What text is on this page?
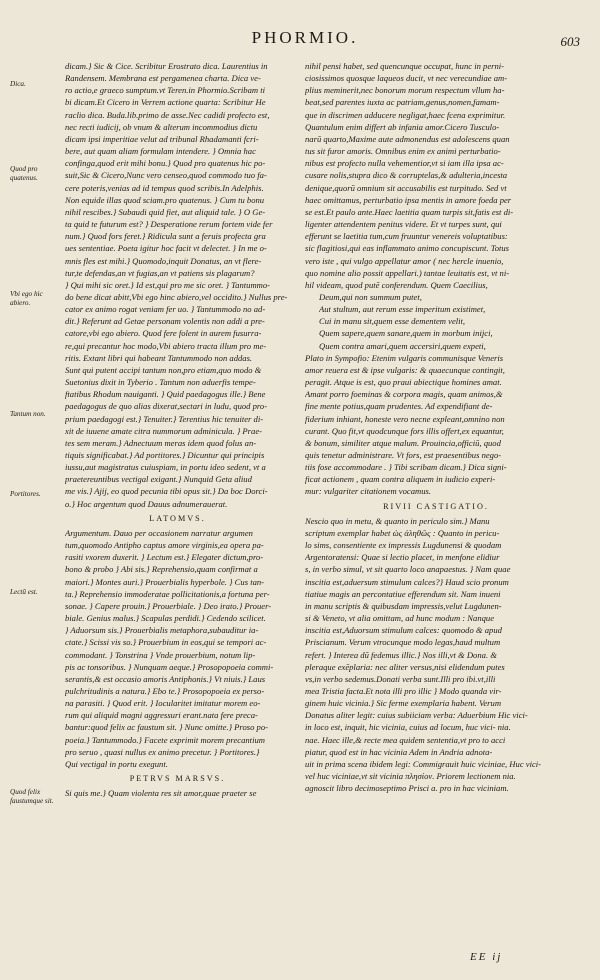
PHORMIO.	603
Dica.
Quod pro quatenus.
Vbi ego hic abiero.
Tantum non.
Portitores.
Lectū est.
Quod felix faustumque sit.
dicam.} Sic & Cice. Scribitur Erostrato dica. Laurentius in
Randensem. Membrana est pergamenea charta. Dica ve-
ro actio,e graeco sumptum.vt Teren.in Phormio.Scribam ti
bi dicam.Et Cicero in Verrem actione quarta: Scribitur He
raclio dica. Buda.lib.primo de asse.Nec cadidi profecto est,
nec recti iudicij, ob vnum & alterum incommodius dictu
dicam ipsi imperitiae velut ad tribunal Rhadamanti fcri-
bere, aut quam aliam formulam intendere. } Omnia hac
confinga,quod erit mihi bonu.} Quod pro quatenus hic po-
suit,Sic & Cicero,Nunc vero censeo,quod commodo tuo fa-
cere poteris,venias ad id tempus quod scribis.In Adelphis.
Non equide illas quod sciam.pro quatenus. } Cum tu bonu
nihil rescibes.} Subaudi quid fiet, aut aliquid tale. } O Ge-
ta quid te futurum est? } Desperatione rerum fortem vide fer
num.} Quod fors feret.} Ridicula sunt a feruis profecta gra
ues sententiae. Poeta igitur hoc facit vt delectet. } In me o-
mnis fles est mihi.} Quomodo,inquit Donatus, an vt flere-
tur,te defendas,an vt fugias,an vt patiens sis plagarum?
} Qui mihi sic oret.} Id est,qui pro me sic oret. } Tantummo-
do bene dicat abitt,Vbi ego hinc abiero,vel occidito.} Nullus pre-
cator ex animo rogat veniam fer uo. } Tantummodo no ad-
dit.} Referunt ad Getae personam volentis non addi a pre-
catore,vbi ego abiero. Quod fere folent in aurem fusurra-
re,qui precantur hoc modo,Vbi abiero tracta illum pro me-
ritis. Extant libri qui habeant Tantummodo non addas.
Sunt qui putent accipi tantum non,pro etiam,quo modo &
Suetonius dixit in Tyberio . Tantum non aduerfis tempe-
ftatibus Rhodum nauiganti. } Quid paedagogus ille.} Bene
paedagogus de quo alias dixerat,sectari in ludu, quod pro-
prium paedagogi est.} Tenuiter.} Terentius hic tenuiter di-
xit de iuuene amate citra nummorum adminicula. } Prae-
tes sem meram.} Adnectuum meras idem quod folus an-
tiquis significabat.} Ad portitores.} Dicuntur qui principis
iussu,aut magistratus cuiuspiam, in portu ideo sedent, vt a
praetereuntibus vectigal exigant.} Nunquid Geta aliud
me vis.} Ajij, eo quod pecunia tibi opus sit.} Da boc Dorci-
o.} Hoc argentum quod Dauus adnumerauerat.
LATOMVS.
Argumentum. Dauo per occasionem narratur argumen
tum,quomodo Antipho captus amore virginis,ea opera pa-
rasiti vxorem duxerit. } Lectum est.} Elegater dictum,pro-
bono & probo } Abi sis.} Reprehensio,quam confirmat a
maiori.} Montes auri.} Prouerbialis hyperbole. } Cus tan-
ta.} Reprehensio immoderatae pollicitationis,a fortuna per-
sonae. } Capere prouin.} Prouerbiale. } Deo irato.} Prouer-
biale. Genius malus.} Scapulas perdidi.} Cedendo scilicet.
} Aduorsum sis.} Prouerbialis metaphora,subauditur ia-
ctate.} Scissi vis so.} Prouerbium in eos,qui se tempori ac-
commodant. } Tonstrina } Vnde prouerbium, notum lip-
pis ac tonsoribus. } Nunquam aeque.} Prosopopoeia commi-
serantis,& est occasio amoris Antiphonis.} Vt niuis.} Laus
pulchritudinis a natura.} Ebo te.} Prosopopoeia ex perso-
na parasiti. } Quod erit. } Iocularitet imitatur morem eo-
rum qui aliquid magni aggressuri erant.nata fere preca-
bantur:quod felix ac faustum sit. } Nunc omitte.} Proso po-
poeia.} Tantummodo.} Facete exprimit morem precantium
pro seruo , quasi nullus ex animo precetur. } Portitores.}
Qui vectigal in portu exegunt.
PETRVS MARSVS.
Si quis me.} Quam violenta res sit amor,quae praeter se
nihil pensi habet, sed quencunque occupat, hunc in perni-
ciosissimos quosque laqueos ducit, vt nec verecundiae am-
plius meminerit,nec bonorum morum respectum vllum ha-
beat,sed parentes iuxta ac patriam,genus,nomen,famam-
que in discrimen adducere negligat,haec fcena exprimitur.
Quantulum enim differt ab infania amor.Cicero Tusculo-
narū quarto,Maxime aute admonendus est adolescens quan
tus sit furor amoris. Omnibus enim ex animi perturbatio-
nibus est profecto nulla vehementior,vt si iam illa ipsa ac-
cusare nolis,stupra dico & corruptelas,& adulteria,incesta
denique,quorū omnium sit accusabilis est turpitudo. Sed vt
haec omittamus, perturbatio ipsa mentis in amore foeda per
se est.Et paulo ante.Haec laetitia quam turpis sit,fatis est di-
ligenter attendentem penitus videre. Et vt turpes sunt, qui
efferunt se laetitia tum,cum fruuntur venereis voluptatibus:
sic flagitiosi,qui eas inflammato animo concupiscunt. Totus
vero iste , qui vulgo appellatur amor ( nec hercle inuenio,
quo nomine alio possit appellari.) tantae leuitatis est, vt ni-
hil videam, quod putē conferendum. Quem Caecilius,
Deum,qui non summum putet,
Aut stultum, aut rerum esse imperitum existimet,
Cui in manu sit,quem esse dementem velit,
Quem sapere,quem sanare,quem in morbum inijci,
Quem contra amari,quem accersiri,quem expeti,
Plato in Sympofio: Etenim vulgaris communisque Veneris
amor reuera est & ipse vulgaris: & quaecunque contingit,
peragit. Atque is est, quo praui abiectique homines amat.
Amant porro foeminas & corpora magis, quam animos,&
fine mente potius,quam prudentes. Ad expendifiant de-
fiderium inhiant, honeste vero necne expleant,omnino non
curant. Quo fit,vt quodcunque fors illis offert,ex equantur,
& bonum, similiter atque malum. Prouincia,officiū, quod
quis tenetur administrare. Vt fors, est praesentibus nego-
tiis fose accommodare . } Tibi scribam dicam.} Dica signi-
ficat actionem , quam contra aliquem in iudicio experi-
mur: vulgariter citationem vocamus.
RIVII CASTIGATIO.
Nescio quo in metu, & quanto in periculo sim.} Manu
scriptum exemplar habet ὡς ἀληθῶς : Quanto in pericu-
lo sims, consentiente ex impressis Lugdunensi & quodam
Argentoratensi: Quae si lectio placet, in menfone elidiur
s, in verbo simul, vt sit quarto loco anapaestus. } Nam quae
inscitia est,aduersum stimulum calces?} Haud scio pronum
tiatiue magis an percontatiue efferendum sit. Nam inueni
in manu scriptis & quibusdam impressis,velut Lugdunen-
si & Veneto, vt alia omittam, ad hunc modum : Nanque
inscitia est,Aduorsum stimulum calces: quomodo & apud
Priscianum. Verum vtrocunque modo legas,haud multum
refert. } Interea dū fedemus illic.} Nos illi,vt & Dona. &
pleraque exēplaria: nec aliter versus,nisi elidendum putes
vs,in verbo sedemus.Donati verba sunt.Illi pro ibi.vt,illi
mea Tristia facta.Et nota illi pro illic } Modo quanda vir-
ginem huic vicinia.} Sic ferme exemplaria habent. Verum
Donatus aliter legit: cuius subiiciam verba: Aduerbium Hic vici-
in loco est, inquit, hic vicinia, cuius ad locum, huc vici- nia.
nae. Haec ille,& recte mea quidem sententia,vt pro to acci
piatur, quod est in hac vicinia Adem in Andria adnota-
uit in prima scena ibidem legi: Commigrauit huic viciniae, Huc vici-
vel huc viciniae,vt sit vicinia πλησίον. Priorem lectionem nia.
agnoscit libro decimoseptimo Prisci a. pro in hac viciniam.
EE ij
